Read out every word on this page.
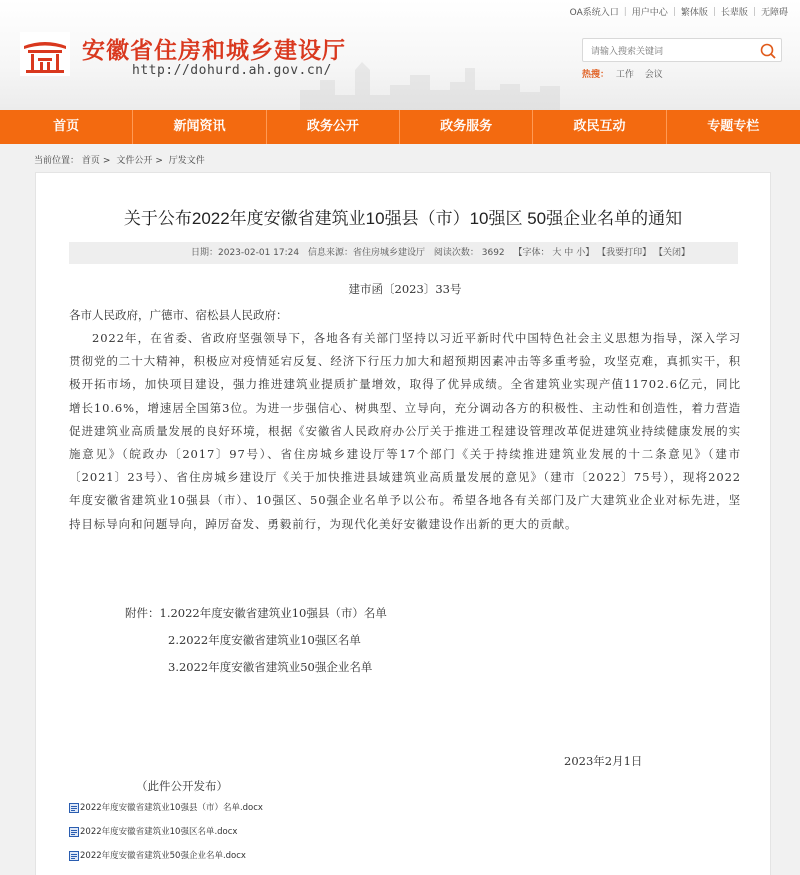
OA系统入口 | 用户中心 | 繁体版 | 长辈版 | 无障碍
安徽省住房和城乡建设厅
http://dohurd.ah.gov.cn/
请输入搜索关键词	热搜： 工作 会议
首页	新闻资讯	政务公开	政务服务	政民互动	专题专栏
当前位置： 首页 > 文件公开 > 厅发文件
关于公布2022年度安徽省建筑业10强县（市）10强区 50强企业名单的通知
日期：2023-02-01 17:24 信息来源：省住房城乡建设厅 阅读次数： 3692 【字体： 大 中 小】 【我要打印】 【关闭】
建市函〔2023〕33号
各市人民政府，广德市、宿松县人民政府：
2022年，在省委、省政府坚强领导下，各地各有关部门坚持以习近平新时代中国特色社会主义思想为指导，深入学习贯彻党的二十大精神，积极应对疫情延宕反复、经济下行压力加大和超预期因素冲击等多重考验，攻坚克难，真抓实干，积极开拓市场，加快项目建设，强力推进建筑业提质扩量增效，取得了优异成绩。全省建筑业实现产值11702.6亿元，同比增长10.6%，增速居全国第3位。为进一步强信心、树典型、立导向，充分调动各方的积极性、主动性和创造性，着力营造促进建筑业高质量发展的良好环境，根据《安徽省人民政府办公厅关于推进工程建设管理改革促进建筑业持续健康发展的实施意见》（皖政办〔2017〕97号）、省住房城乡建设厅等17个部门《关于持续推进建筑业发展的十二条意见》（建市〔2021〕23号）、省住房城乡建设厅《关于加快推进县域建筑业高质量发展的意见》（建市〔2022〕75号），现将2022年度安徽省建筑业10强县（市）、10强区、50强企业名单予以公布。希望各地各有关部门及广大建筑业企业对标先进，坚持目标导向和问题导向，踔厉奋发、勇毅前行，为现代化美好安徽建设作出新的更大的贡献。
附件：1.2022年度安徽省建筑业10强县（市）名单
2.2022年度安徽省建筑业10强区名单
3.2022年度安徽省建筑业50强企业名单
2023年2月1日
（此件公开发布）
2022年度安徽省建筑业10强县（市）名单.docx
2022年度安徽省建筑业10强区名单.docx
2022年度安徽省建筑业50强企业名单.docx
